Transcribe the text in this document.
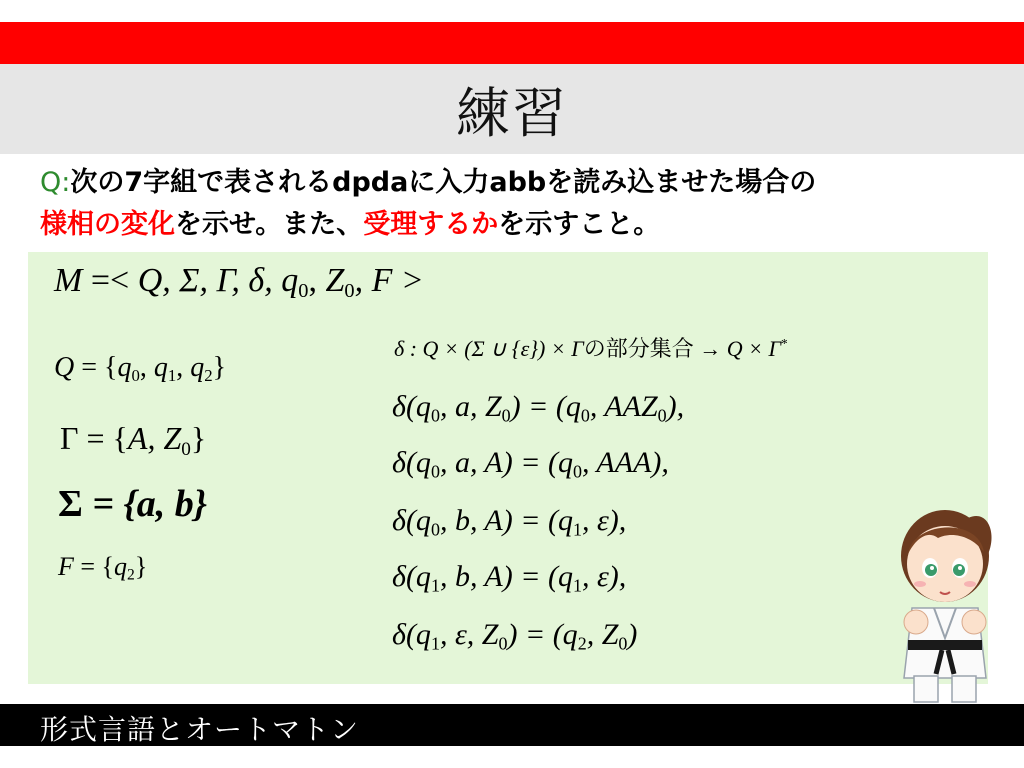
練習
Q:次の7字組で表されるdpdaに入力abbを読み込ませた場合の
様相の変化を示せ。また、受理するかを示すこと。
M =< Q, Σ, Γ, δ, $q_0$, $Z_0$, F >
$Q = \{q_0$, $q_1$, $q_2$}
Γ = {A, $Z_0$}
Σ = {a, b}
$F = \{q_2\}$
δ : Q × (Σ ∪ {ε}) × Γの部分集合 → Q × Γ*
$\delta(q_0$, a, $Z_0) = (q_0$, $AAZ_0$),
$\delta(q_0$, a, $A) = (q_0$, AAA),
$\delta(q_0$, b, $A) = (q_1$, ε),
$\delta(q_1$, b, $A) = (q_1$, ε),
$\delta(q_1$, ε, $Z_0) = (q_2$, $Z_0$)
形式言語とオートマトン
